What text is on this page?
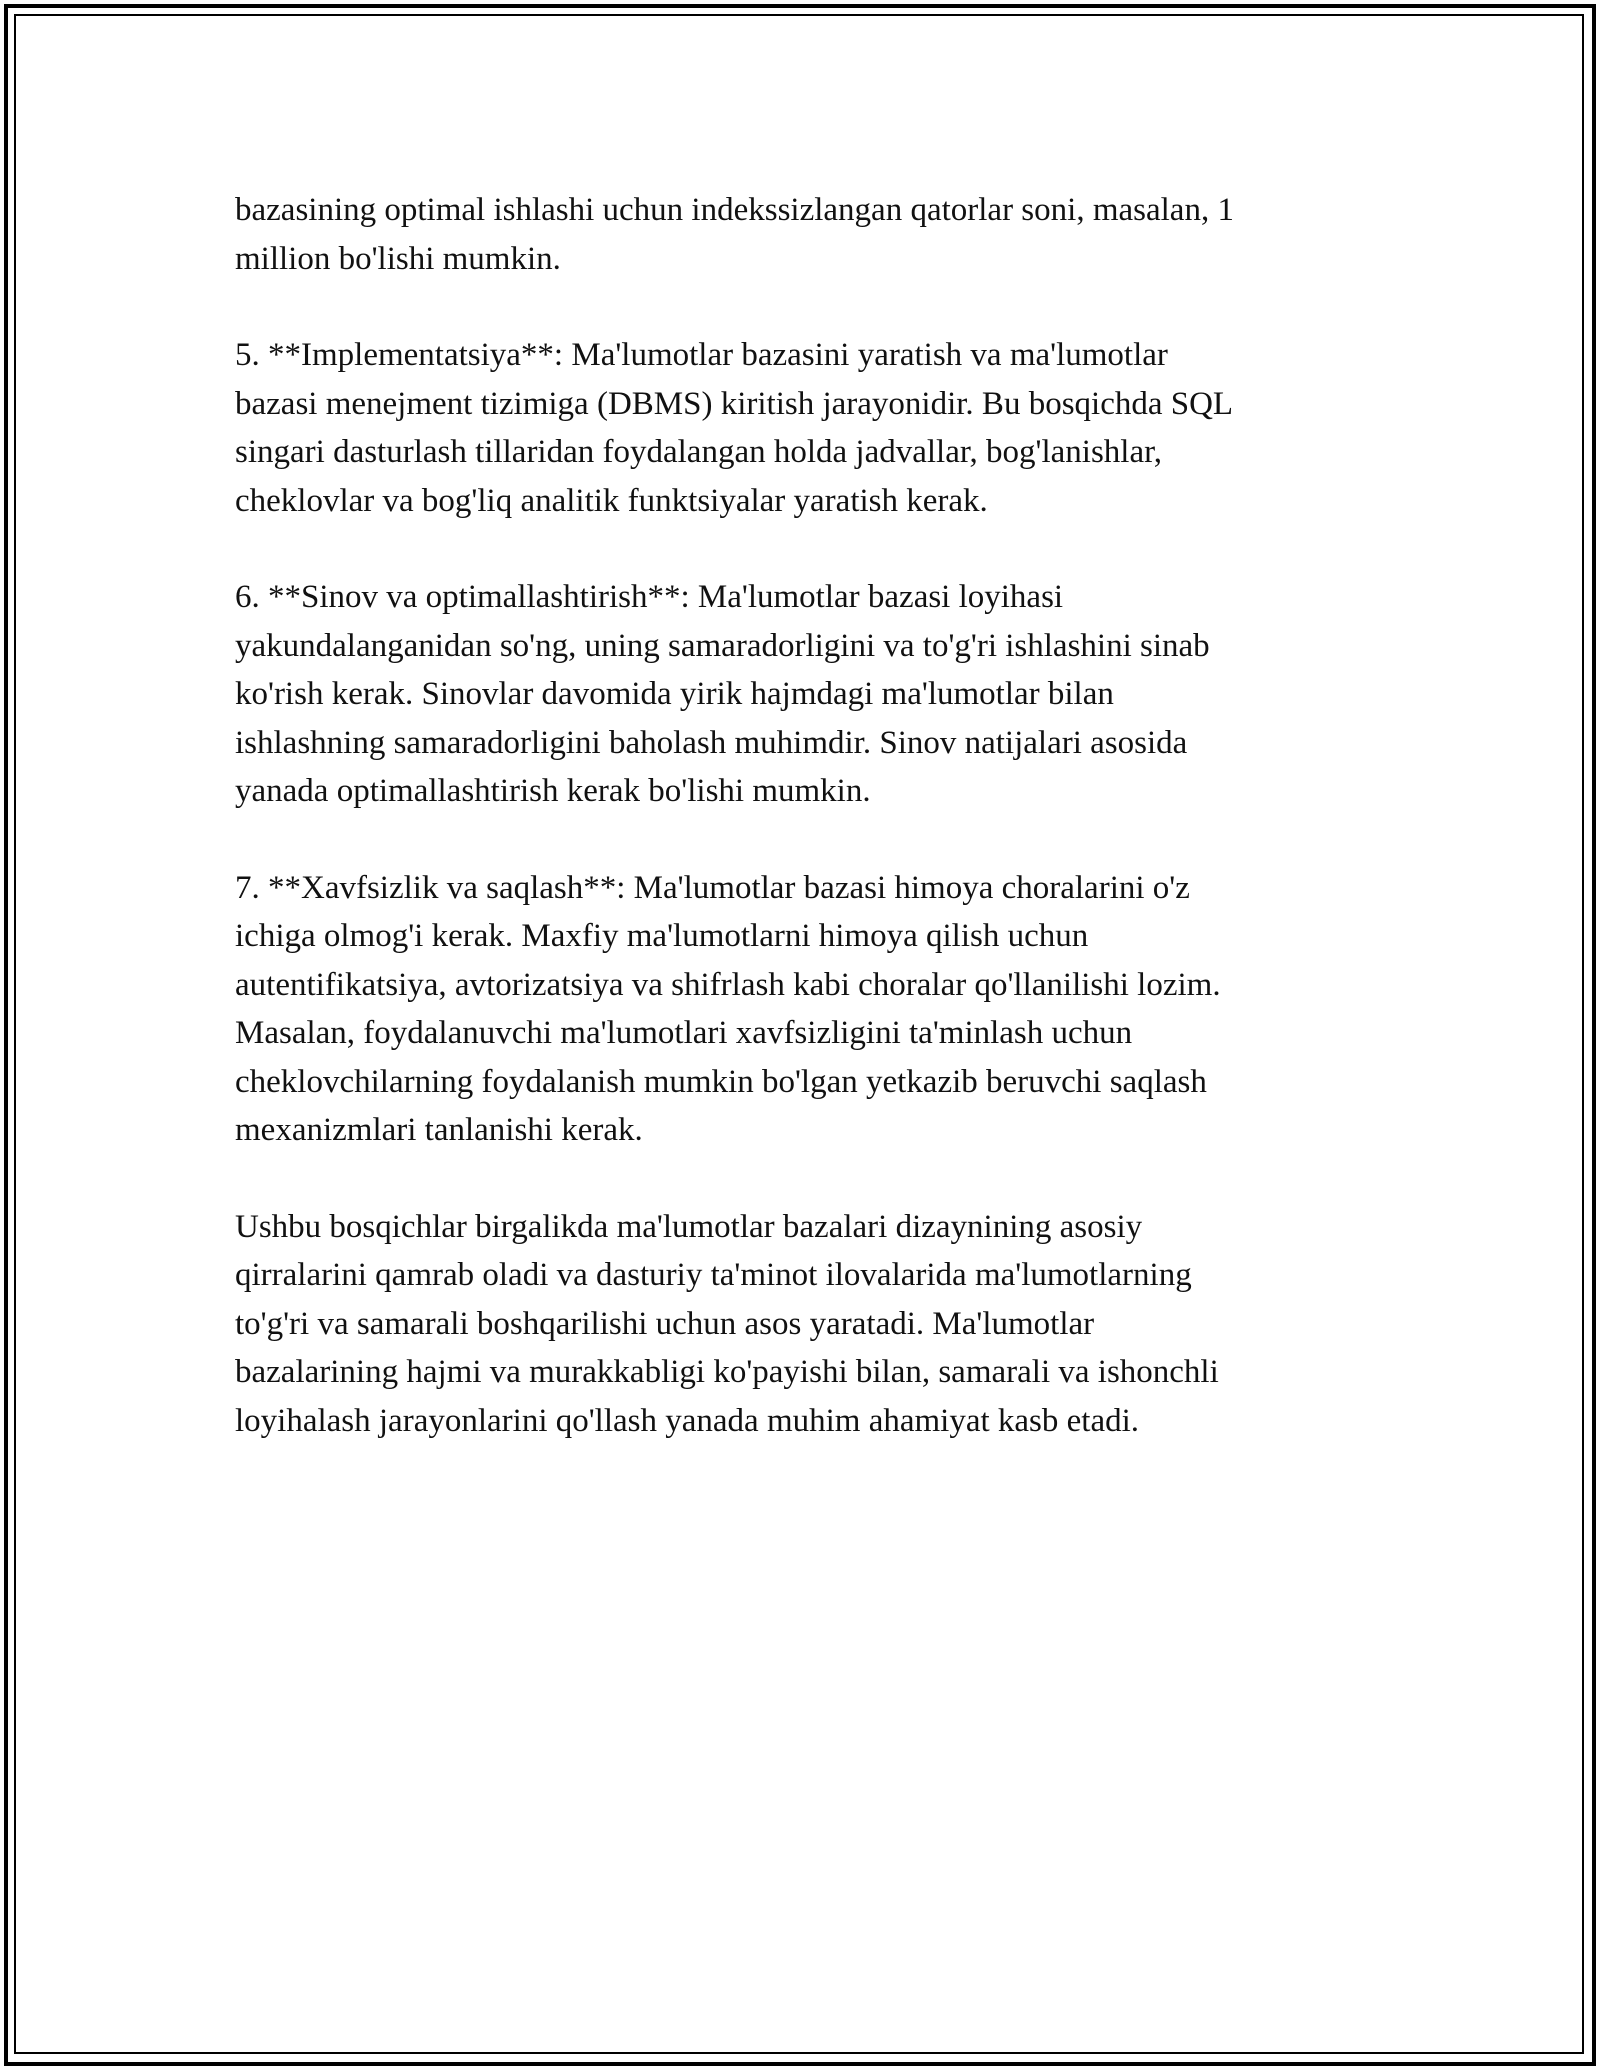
bazasining optimal ishlashi uchun indekssizlangan qatorlar soni, masalan, 1
million bo'lishi mumkin.
5. **Implementatsiya**: Ma'lumotlar bazasini yaratish va ma'lumotlar
bazasi menejment tizimiga (DBMS) kiritish jarayonidir. Bu bosqichda SQL
singari dasturlash tillaridan foydalangan holda jadvallar, bog'lanishlar,
cheklovlar va bog'liq analitik funktsiyalar yaratish kerak.
6. **Sinov va optimallashtirish**: Ma'lumotlar bazasi loyihasi
yakundalanganidan so'ng, uning samaradorligini va to'g'ri ishlashini sinab
ko'rish kerak. Sinovlar davomida yirik hajmdagi ma'lumotlar bilan
ishlashning samaradorligini baholash muhimdir. Sinov natijalari asosida
yanada optimallashtirish kerak bo'lishi mumkin.
7. **Xavfsizlik va saqlash**: Ma'lumotlar bazasi himoya choralarini o'z
ichiga olmog'i kerak. Maxfiy ma'lumotlarni himoya qilish uchun
autentifikatsiya, avtorizatsiya va shifrlash kabi choralar qo'llanilishi lozim.
Masalan, foydalanuvchi ma'lumotlari xavfsizligini ta'minlash uchun
cheklovchilarning foydalanish mumkin bo'lgan yetkazib beruvchi saqlash
mexanizmlari tanlanishi kerak.
Ushbu bosqichlar birgalikda ma'lumotlar bazalari dizaynining asosiy
qirralarini qamrab oladi va dasturiy ta'minot ilovalarida ma'lumotlarning
to'g'ri va samarali boshqarilishi uchun asos yaratadi. Ma'lumotlar
bazalarining hajmi va murakkabligi ko'payishi bilan, samarali va ishonchli
loyihalash jarayonlarini qo'llash yanada muhim ahamiyat kasb etadi.
